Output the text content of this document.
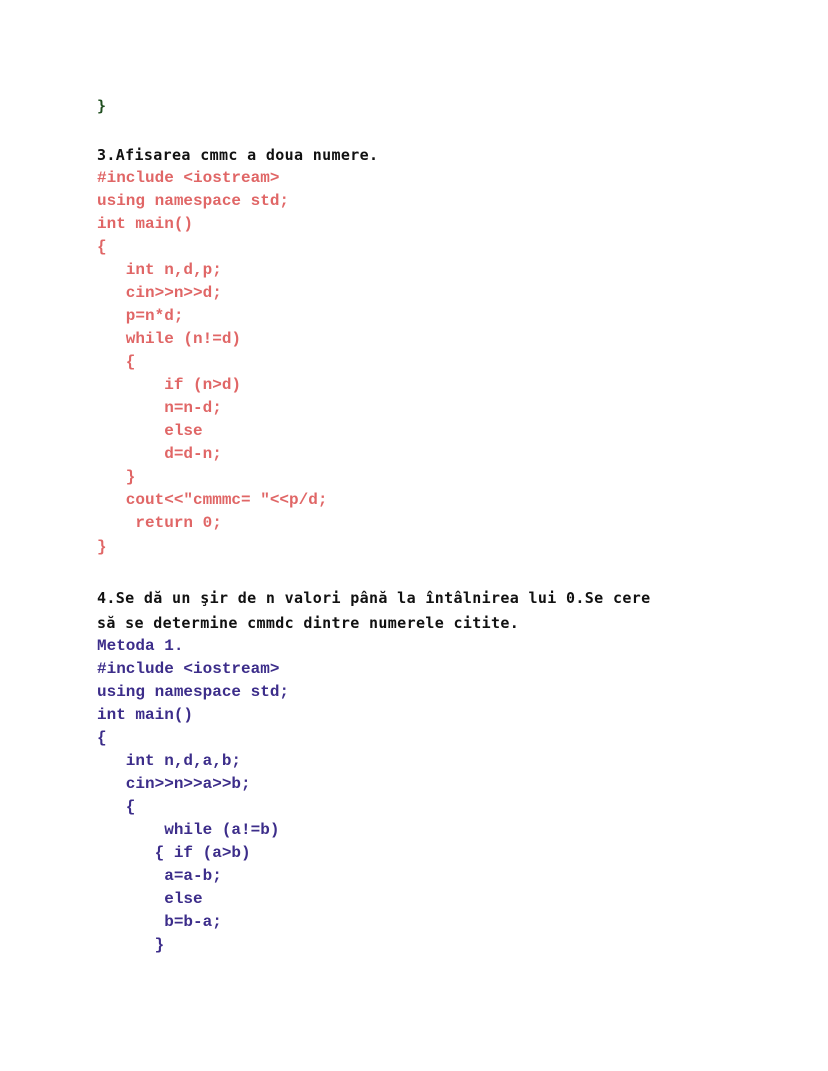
}

3.Afisarea cmmc a doua numere.

#include <iostream>

using namespace std;

int main()

{

int n,d,p;

cin>>n>>d;

p=n*d;

while (n!=d)

{

if (n>d)

n=n-d;

else

d=d-n;

}

cout<<"cmmmc= "<<p/d;

return 0;

}

4.Se dă un şir de n valori până la întâlnirea lui 0.Se cere

să se determine cmmdc dintre numerele citite.

Metoda 1.

#include <iostream>

using namespace std;

int main()

{

int n,d,a,b;

cin>>n>>a>>b;

{

while (a!=b)

{ if (a>b)

a=a-b;

else

b=b-a;

}
